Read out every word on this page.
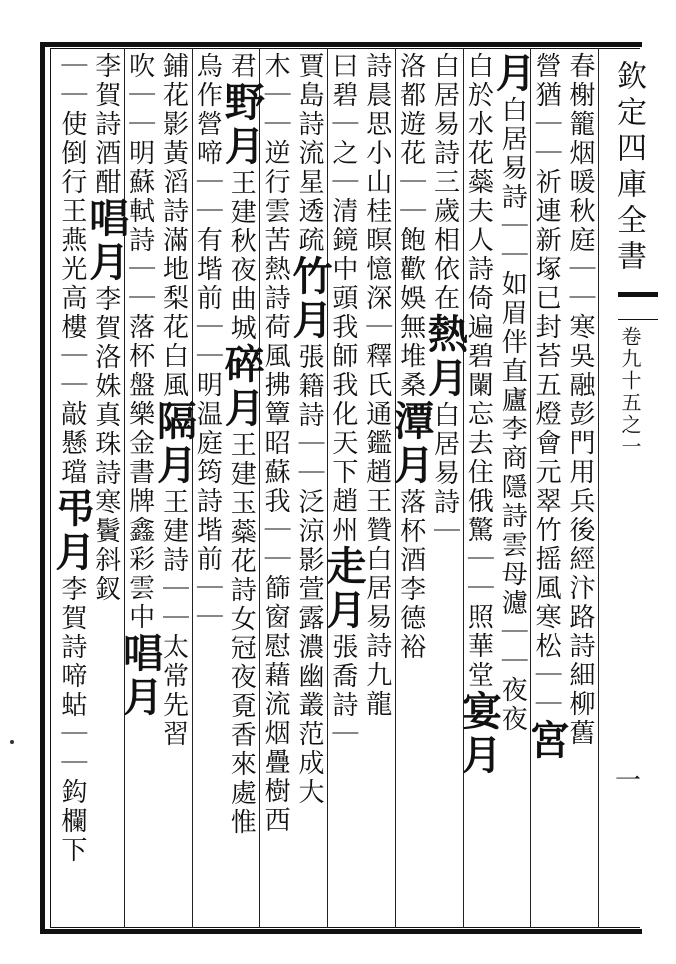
春榭籠烟暖秋庭｜｜寒吳融彭門用兵後經汴路詩細柳舊
營猶｜｜祈連新塚已封苔五燈會元翠竹摇風寒松｜｜宮
月白居易詩｜｜如眉伴直廬李商隱詩雲母濾｜｜夜夜
白於水花蘂夫人詩倚遍碧闌忘去住俄驚｜｜照華堂宴月
白居易詩三歲相依在熱月白居易詩｜
洛都遊花｜｜飽歡娛無堆桑潭月落杯酒李德裕
詩晨思小山桂暝憶深｜釋氏通鑑趙王贊白居易詩九龍
曰碧｜之｜清鏡中頭我師我化天下趙州走月張喬詩｜
賈島詩流星透疏竹月張籍詩｜｜泛涼影萱露濃幽叢范成大
木｜｜逆行雲苦熱詩荷風拂簟昭蘇我｜｜篩窗慰藉流烟疊樹西
君野月王建秋夜曲城碎月王建玉蘂花詩女冠夜覔香來處惟
烏作營啼｜｜有堦前｜｜明温庭筠詩堦前｜｜
鋪花影黃滔詩滿地梨花白風隔月王建詩｜｜太常先習
吹｜｜明蘇軾詩｜｜落杯盤樂金書牌鑫彩雲中唱月
李賀詩酒酣唱月李賀洛姝真珠詩寒鬢斜釵
｜｜使倒行王燕光高樓｜｜敲懸璫弔月李賀詩啼蛄｜｜鈎欄下
欽定四庫全書
卷九十五之一
一
